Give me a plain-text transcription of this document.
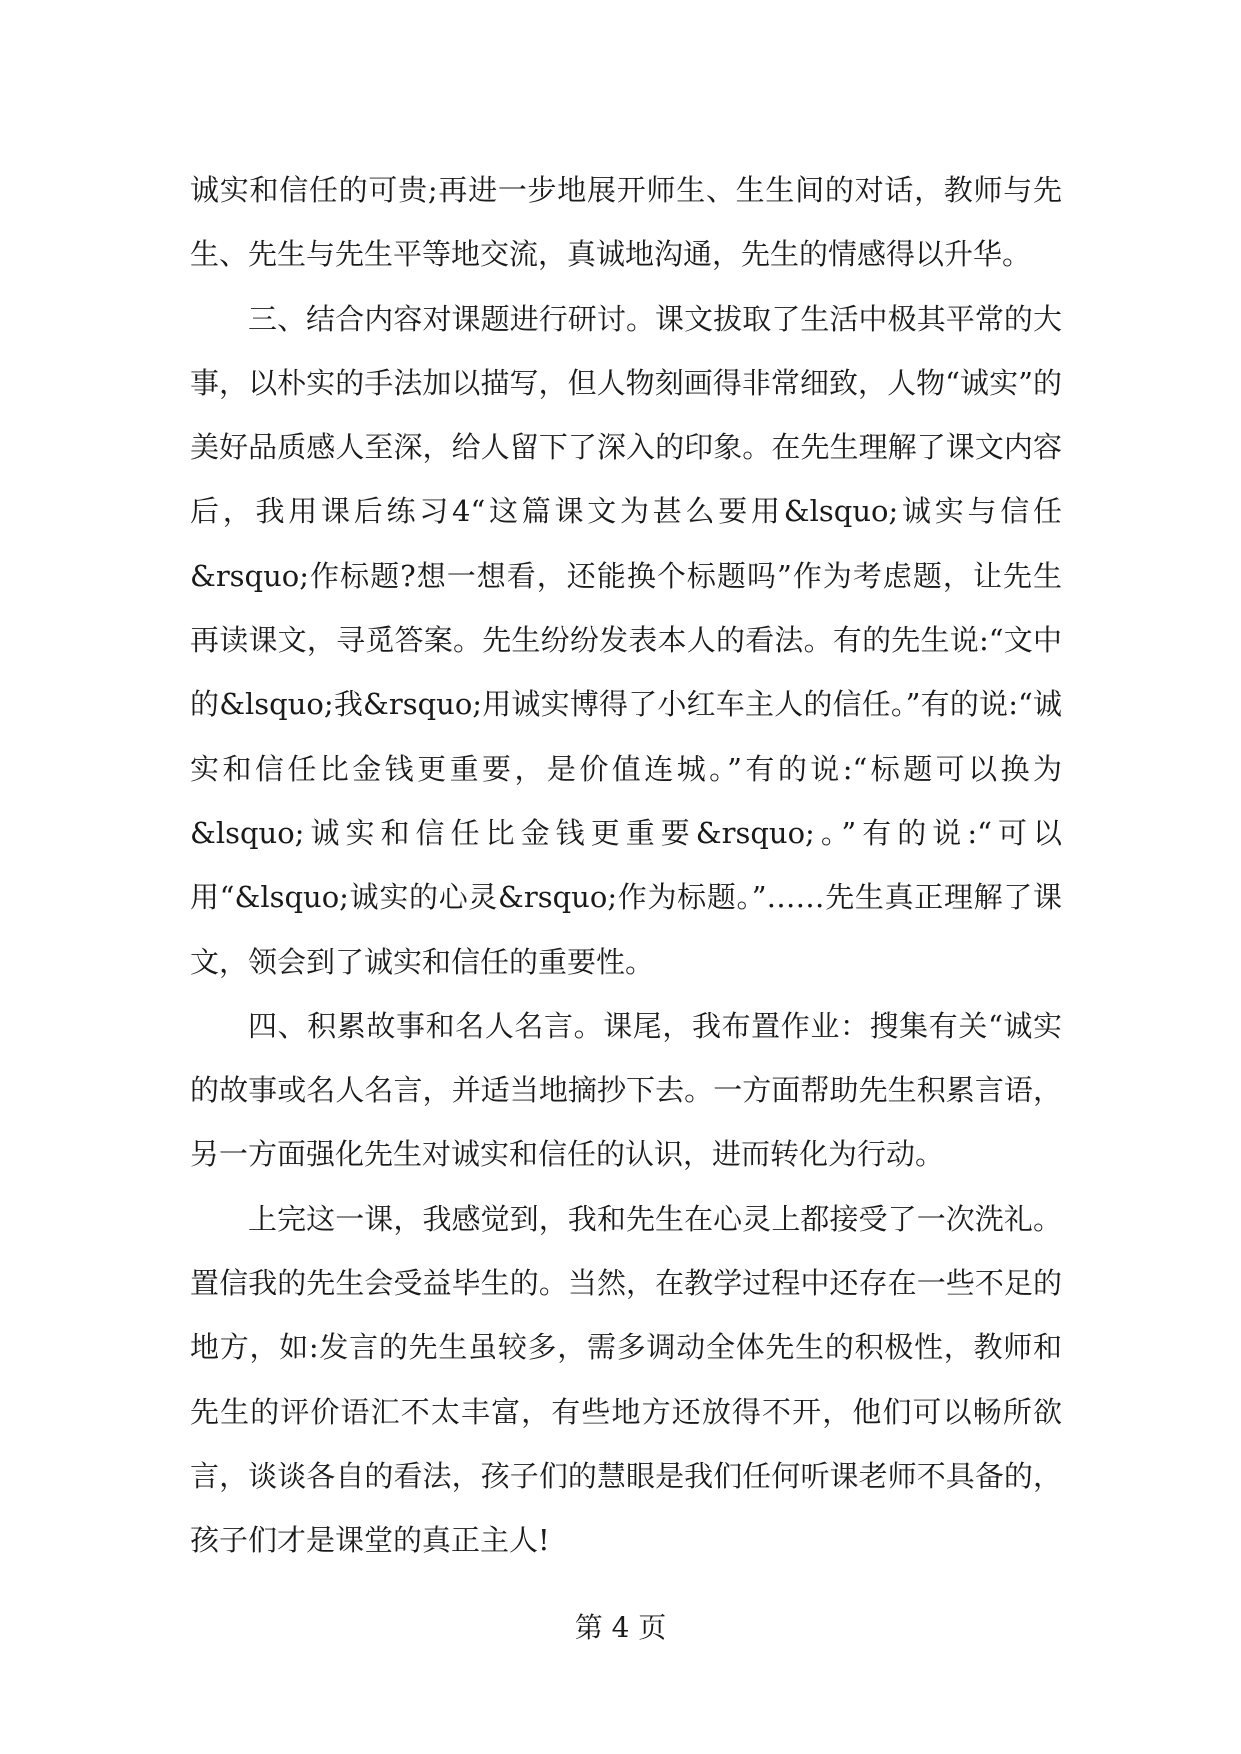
诚实和信任的可贵;再进一步地展开师生、生生间的对话，教师与先生、先生与先生平等地交流，真诚地沟通，先生的情感得以升华。

三、结合内容对课题进行研讨。课文拔取了生活中极其平常的大事，以朴实的手法加以描写，但人物刻画得非常细致，人物“诚实”的美好品质感人至深，给人留下了深入的印象。在先生理解了课文内容后，我用课后练习4“这篇课文为甚么要用&lsquo;诚实与信任&rsquo;作标题?想一想看，还能换个标题吗”作为考虑题，让先生再读课文，寻觅答案。先生纷纷发表本人的看法。有的先生说:“文中的&lsquo;我&rsquo;用诚实博得了小红车主人的信任。”有的说:“诚实和信任比金钱更重要，是价值连城。”有的说:“标题可以换为&lsquo;诚实和信任比金钱更重要&rsquo;。”有的说:“可以用“&lsquo;诚实的心灵&rsquo;作为标题。”……先生真正理解了课文，领会到了诚实和信任的重要性。

四、积累故事和名人名言。课尾，我布置作业：搜集有关“诚实的故事或名人名言，并适当地摘抄下去。一方面帮助先生积累言语，另一方面强化先生对诚实和信任的认识，进而转化为行动。

上完这一课，我感觉到，我和先生在心灵上都接受了一次洗礼。置信我的先生会受益毕生的。当然，在教学过程中还存在一些不足的地方，如:发言的先生虽较多，需多调动全体先生的积极性，教师和先生的评价语汇不太丰富，有些地方还放得不开，他们可以畅所欲言，谈谈各自的看法，孩子们的慧眼是我们任何听课老师不具备的，孩子们才是课堂的真正主人!

第 4 页
